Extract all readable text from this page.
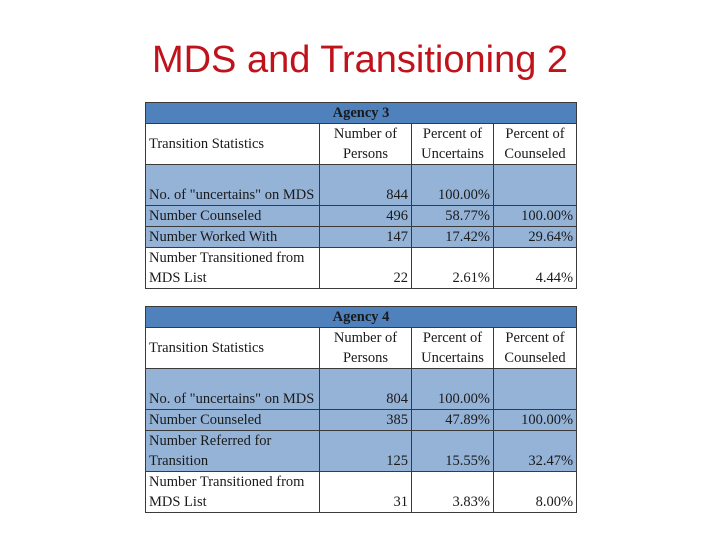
MDS and Transitioning 2
Agency 3			
Transition Statistics	Number of Persons	Percent of Uncertains	Percent of Counseled
No. of "uncertains" on MDS	844	100.00%	
Number Counseled	496	58.77%	100.00%
Number Worked With	147	17.42%	29.64%
Number Transitioned from MDS List	22	2.61%	4.44%
Agency 4			
Transition Statistics	Number of Persons	Percent of Uncertains	Percent of Counseled
No. of "uncertains" on MDS	804	100.00%	
Number Counseled	385	47.89%	100.00%
Number Referred for Transition	125	15.55%	32.47%
Number Transitioned from MDS List	31	3.83%	8.00%
